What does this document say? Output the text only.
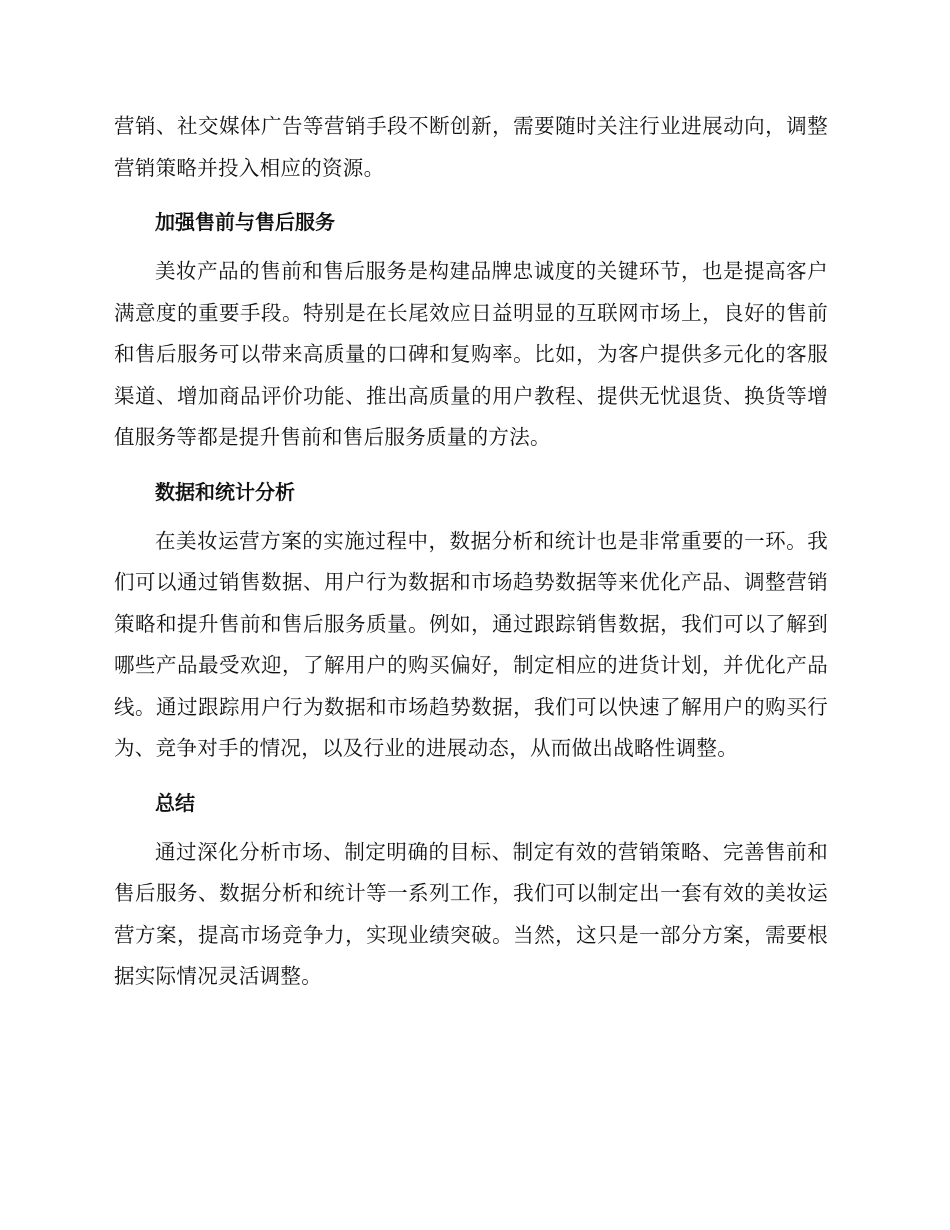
营销、社交媒体广告等营销手段不断创新，需要随时关注行业进展动向，调整营销策略并投入相应的资源。

加强售前与售后服务

美妆产品的售前和售后服务是构建品牌忠诚度的关键环节，也是提高客户满意度的重要手段。特别是在长尾效应日益明显的互联网市场上，良好的售前和售后服务可以带来高质量的口碑和复购率。比如，为客户提供多元化的客服渠道、增加商品评价功能、推出高质量的用户教程、提供无忧退货、换货等增值服务等都是提升售前和售后服务质量的方法。

数据和统计分析

在美妆运营方案的实施过程中，数据分析和统计也是非常重要的一环。我们可以通过销售数据、用户行为数据和市场趋势数据等来优化产品、调整营销策略和提升售前和售后服务质量。例如，通过跟踪销售数据，我们可以了解到哪些产品最受欢迎，了解用户的购买偏好，制定相应的进货计划，并优化产品线。通过跟踪用户行为数据和市场趋势数据，我们可以快速了解用户的购买行为、竞争对手的情况，以及行业的进展动态，从而做出战略性调整。

总结

通过深化分析市场、制定明确的目标、制定有效的营销策略、完善售前和售后服务、数据分析和统计等一系列工作，我们可以制定出一套有效的美妆运营方案，提高市场竞争力，实现业绩突破。当然，这只是一部分方案，需要根据实际情况灵活调整。
